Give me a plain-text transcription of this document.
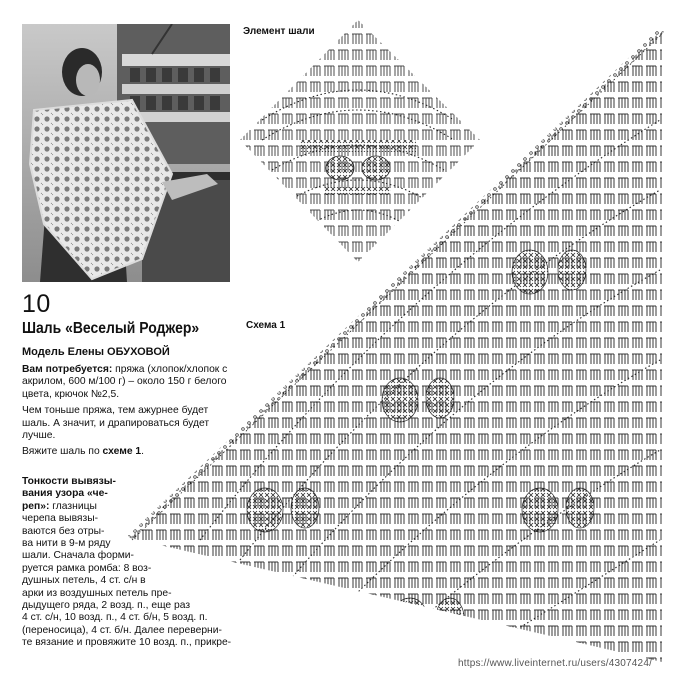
10
Шаль «Веселый Роджер»
Модель Елены ОБУХОВОЙ

Вам потребуется: пряжа (хлопок/хлопок с акрилом, 600 м/100 г) – около 150 г белого цвета, крючок №2,5.

Чем тоньше пряжа, тем ажурнее будет шаль. А значит, и драпироваться будет лучше.

Вяжите шаль по схеме 1.

Тонкости вывязы-
вания узора «че-
реп»: глазницы
черепа вывязы-
ваются без отры-
ва нити в 9-м ряду
шали. Сначала форми-
руется рамка ромба: 8 воз-
душных петель, 4 ст. с/н в
арки из воздушных петель пре-
дыдущего ряда, 2 возд. п., еще раз
4 ст. с/н, 10 возд. п., 4 ст. б/н, 5 возд. п.
(переносица), 4 ст. б/н. Далее переверни-
те вязание и провяжите 10 возд. п., прикре-
Элемент шали
Схема 1
https://www.liveinternet.ru/users/4307424/
